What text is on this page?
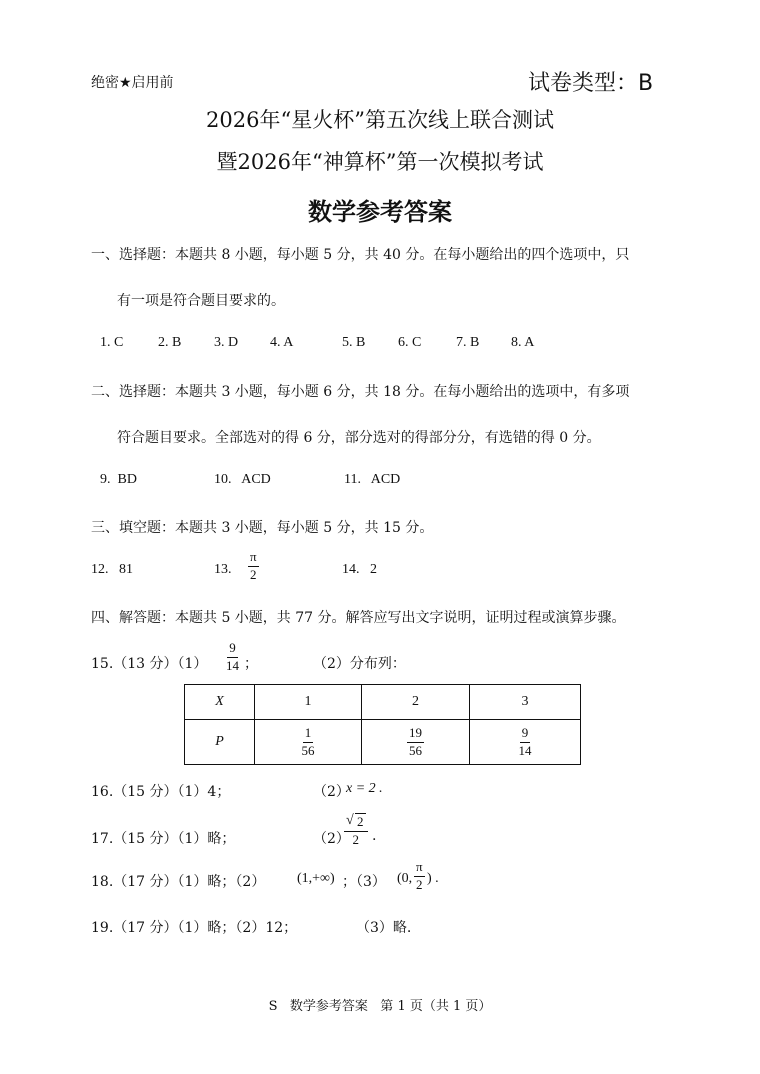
绝密★启用前	试卷类型：B
2026年“星火杯”第五次线上联合测试
暨2026年“神算杯”第一次模拟考试
数学参考答案
一、选择题：本题共 8 小题，每小题 5 分，共 40 分。在每小题给出的四个选项中，只
有一项是符合题目要求的。
1. C 2. B 3. D 4. A	5. B 6. C 7. B 8. A
二、选择题：本题共 3 小题，每小题 6 分，共 18 分。在每小题给出的选项中，有多项
符合题目要求。全部选对的得 6 分，部分选对的得部分分，有选错的得 0 分。
9.  BD	10.   ACD	11.   ACD
三、填空题：本题共 3 小题，每小题 5 分，共 15 分。
12.   81	13. $\frac{\pi}{2}$	14.   2
四、解答题：本题共 5 小题，共 77 分。解答应写出文字说明，证明过程或演算步骤。
15.（13 分）$(1) \frac{9}{14}$ ；	（2）分布列：
X	1	2	3
P	$\frac{1}{56}$	$\frac{19}{56}$	$\frac{9}{14}$
16.（15 分）（1）4；	（2）
x = 2 .
17.（15 分）（1）略；	（2）
$\frac{√ 2}{2}$ .
18.（17 分）（1）略；（2） (1,+∞) ；（3） (0, $\frac{\pi}{2}$ ) .
19.（17 分）（1）略；（2）12；	（3）略.
S   数学参考答案   第 1 页（共 1 页）
